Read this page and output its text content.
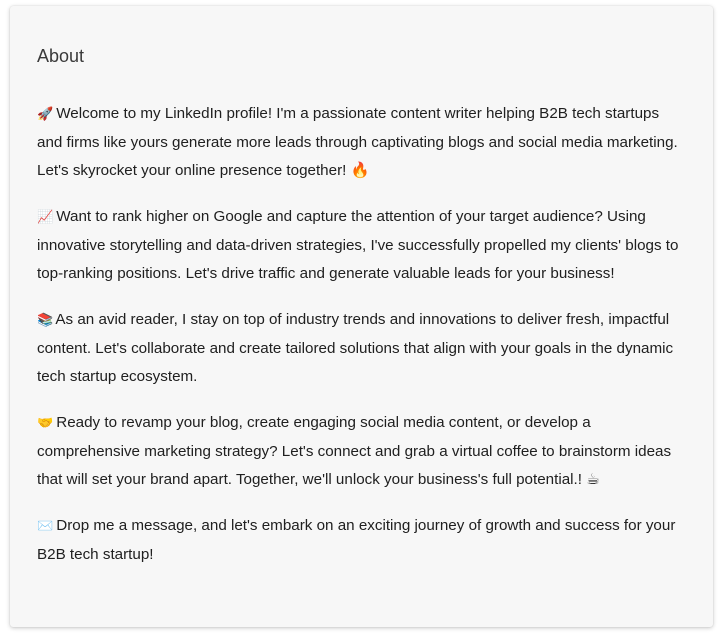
About

🚀 Welcome to my LinkedIn profile! I'm a passionate content writer helping B2B tech startups and firms like yours generate more leads through captivating blogs and social media marketing. Let's skyrocket your online presence together! 🔥

📈 Want to rank higher on Google and capture the attention of your target audience? Using innovative storytelling and data-driven strategies, I've successfully propelled my clients' blogs to top-ranking positions. Let's drive traffic and generate valuable leads for your business!

📚 As an avid reader, I stay on top of industry trends and innovations to deliver fresh, impactful content. Let's collaborate and create tailored solutions that align with your goals in the dynamic tech startup ecosystem.

🤝 Ready to revamp your blog, create engaging social media content, or develop a comprehensive marketing strategy? Let's connect and grab a virtual coffee to brainstorm ideas that will set your brand apart. Together, we'll unlock your business's full potential.! ☕

✉️ Drop me a message, and let's embark on an exciting journey of growth and success for your B2B tech startup!
